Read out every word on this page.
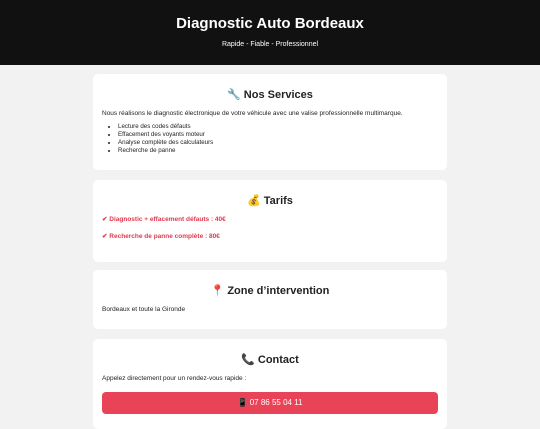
Diagnostic Auto Bordeaux
Rapide - Fiable - Professionnel
🔧 Nos Services

Nous réalisons le diagnostic électronique de votre véhicule avec une valise professionnelle multimarque.

• Lecture des codes défauts
• Effacement des voyants moteur
• Analyse complète des calculateurs
• Recherche de panne
💰 Tarifs

✔ Diagnostic + effacement défauts : 40€

✔ Recherche de panne complète : 80€

📍 Zone d’intervention

Bordeaux et toute la Gironde

📞 Contact

Appelez directement pour un rendez-vous rapide :

📱 07 86 55 04 11
